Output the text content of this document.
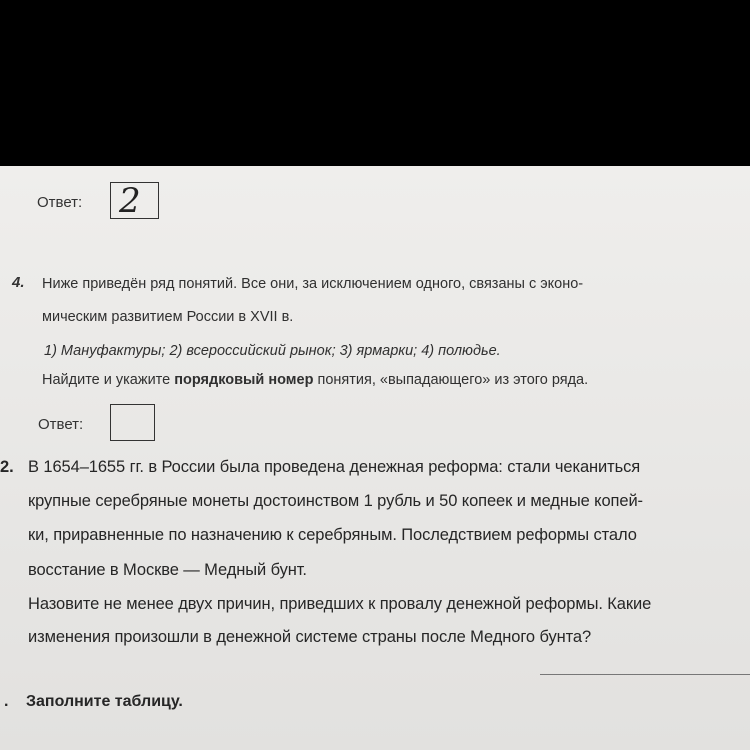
Ответ: 2

4. Ниже приведён ряд понятий. Все они, за исключением одного, связаны с эконо-

мическим развитием России в XVII в.

1) Мануфактуры; 2) всероссийский рынок; 3) ярмарки; 4) полюдье.

Найдите и укажите порядковый номер понятия, «выпадающего» из этого ряда.

Ответ:

2. В 1654–1655 гг. в России была проведена денежная реформа: стали чеканиться

крупные серебряные монеты достоинством 1 рубль и 50 копеек и медные копей-

ки, приравненные по назначению к серебряным. Последствием реформы стало

восстание в Москве — Медный бунт.

Назовите не менее двух причин, приведших к провалу денежной реформы. Какие

изменения произошли в денежной системе страны после Медного бунта?

. Заполните таблицу.
